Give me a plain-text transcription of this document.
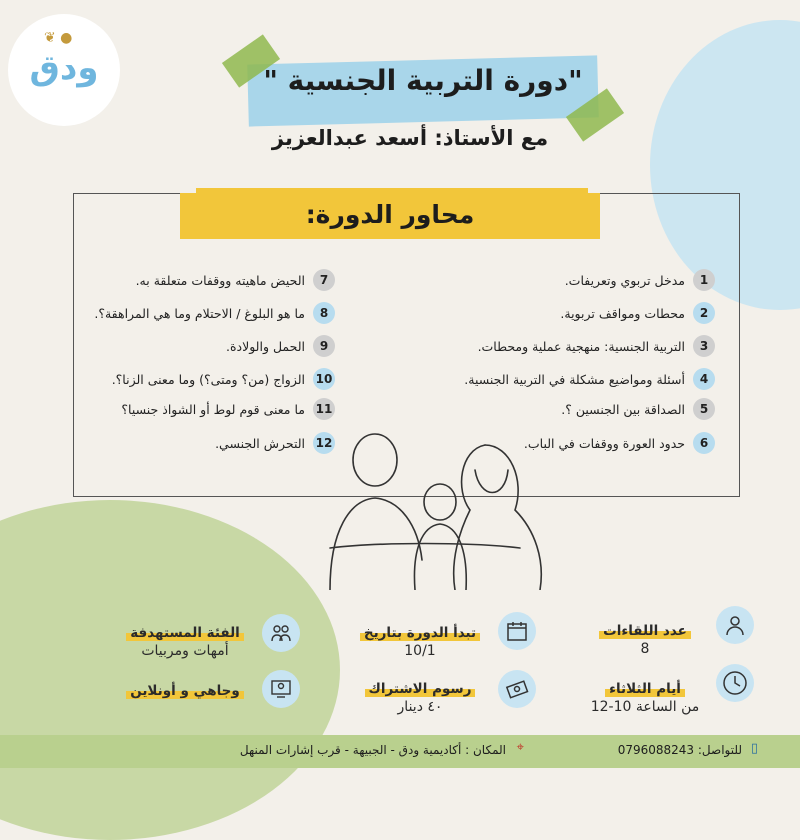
❦ ●
ودق	"دورة التربية الجنسية "
مع الأستاذ: أسعد عبدالعزيز
محاور الدورة:
1
مدخل تربوي وتعريفات.
2
محطات ومواقف تربوية.
3
التربية الجنسية: منهجية عملية ومحطات.
4
أسئلة ومواضيع مشكلة في التربية الجنسية.
5
الصداقة بين الجنسين ؟.
6
حدود العورة ووقفات في الباب.
7
الحيض ماهيته ووقفات متعلقة به.
8
ما هو البلوغ / الاحتلام وما هي المراهقة؟.
9
الحمل والولادة.
10
الزواج (من؟ ومتى؟) وما معنى الزنا؟.
11
ما معنى قوم لوط أو الشواذ جنسيا؟
12
التحرش الجنسي.
عدد اللقاءات
8
أيام الثلاثاء
من الساعة 10-12
تبدأ الدورة بتاريخ
10/1
رسوم الاشتراك
٤٠ دينار
الفئة المستهدفة
أمهات ومربيات
وجاهي و أونلاين
▯
للتواصل: 0796088243
⌖
المكان : أكاديمية ودق - الجبيهة - قرب إشارات المنهل
